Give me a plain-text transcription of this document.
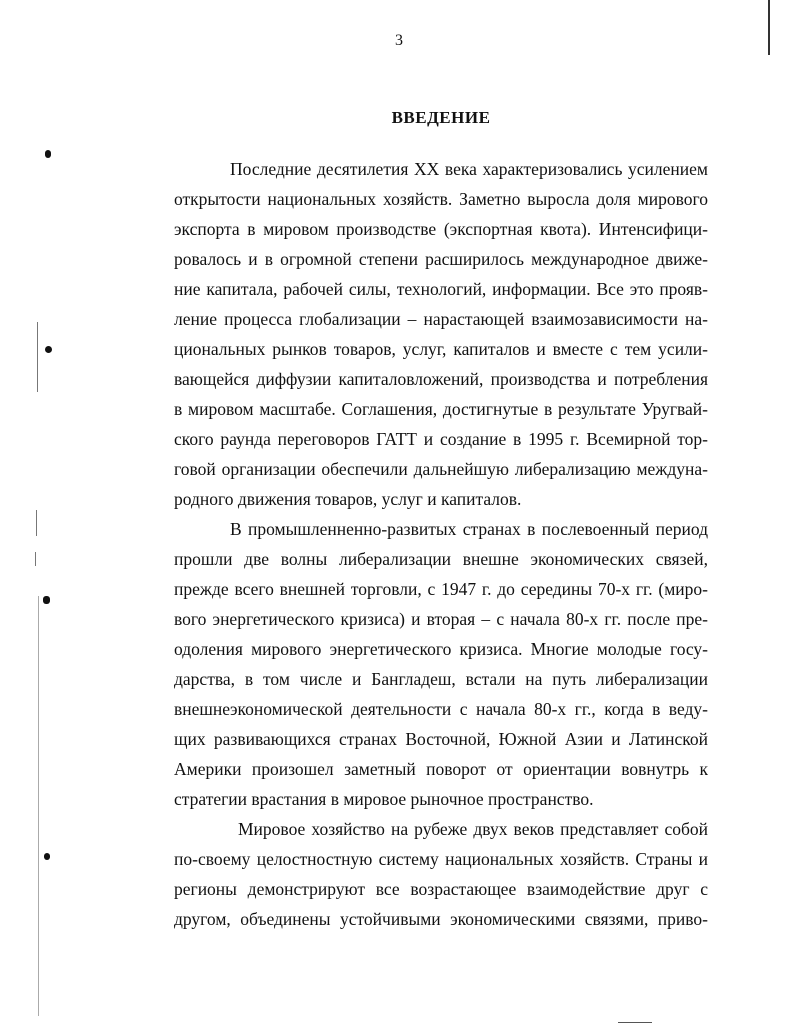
3
ВВЕДЕНИЕ
Последние десятилетия XX века характеризовались усилением
открытости национальных хозяйств. Заметно выросла доля мирового
экспорта в мировом производстве (экспортная квота). Интенсифици-
ровалось и в огромной степени расширилось международное движе-
ние капитала, рабочей силы, технологий, информации. Все это прояв-
ление процесса глобализации – нарастающей взаимозависимости на-
циональных рынков товаров, услуг, капиталов и вместе с тем усили-
вающейся диффузии капиталовложений, производства и потребления
в мировом масштабе. Соглашения, достигнутые в результате Уругвай-
ского раунда переговоров ГАТТ и создание в 1995 г. Всемирной тор-
говой организации обеспечили дальнейшую либерализацию междуна-
родного движения товаров, услуг и капиталов.
В промышленненно-развитых странах в послевоенный период
прошли две волны либерализации внешне экономических связей,
прежде всего внешней торговли, с 1947 г. до середины 70-х гг. (миро-
вого энергетического кризиса) и вторая – с начала 80-х гг. после пре-
одоления мирового энергетического кризиса. Многие молодые госу-
дарства, в том числе и Бангладеш, встали на путь либерализации
внешнеэкономической деятельности с начала 80-х гг., когда в веду-
щих развивающихся странах Восточной, Южной Азии и Латинской
Америки произошел заметный поворот от ориентации вовнутрь к
стратегии врастания в мировое рыночное пространство.
Мировое хозяйство на рубеже двух веков представляет собой
по-своему целостностную систему национальных хозяйств. Страны и
регионы демонстрируют все возрастающее взаимодействие друг с
другом, объединены устойчивыми экономическими связями, приво-
